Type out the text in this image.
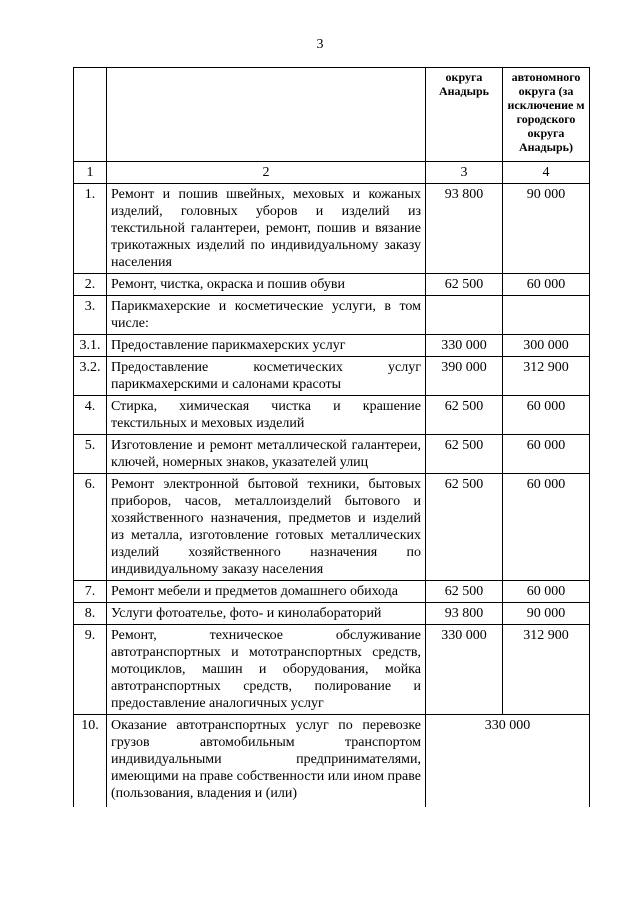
3
		округа Анадырь	автономного округа (за исключение м городского округа Анадырь)
1	2	3	4
1.	Ремонт и пошив швейных, меховых и кожаных изделий, головных уборов и изделий из текстильной галантереи, ремонт, пошив и вязание трикотажных изделий по индивидуальному заказу населения	93 800	90 000
2.	Ремонт, чистка, окраска и пошив обуви	62 500	60 000
3.	Парикмахерские и косметические услуги, в том числе:		
3.1.	Предоставление парикмахерских услуг	330 000	300 000
3.2.	Предоставление косметических услуг парикмахерскими и салонами красоты	390 000	312 900
4.	Стирка, химическая чистка и крашение текстильных и меховых изделий	62 500	60 000
5.	Изготовление и ремонт металлической галантереи, ключей, номерных знаков, указателей улиц	62 500	60 000
6.	Ремонт электронной бытовой техники, бытовых приборов, часов, металлоизделий бытового и хозяйственного назначения, предметов и изделий из металла, изготовление готовых металлических изделий хозяйственного назначения по индивидуальному заказу населения	62 500	60 000
7.	Ремонт мебели и предметов домашнего обихода	62 500	60 000
8.	Услуги фотоателье, фото- и кинолабораторий	93 800	90 000
9.	Ремонт, техническое обслуживание автотранспортных и мототранспортных средств, мотоциклов, машин и оборудования, мойка автотранспортных средств, полирование и предоставление аналогичных услуг	330 000	312 900
10.	Оказание автотранспортных услуг по перевозке грузов автомобильным транспортом индивидуальными предпринимателями, имеющими на праве собственности или ином праве (пользования, владения и (или)	330 000	
